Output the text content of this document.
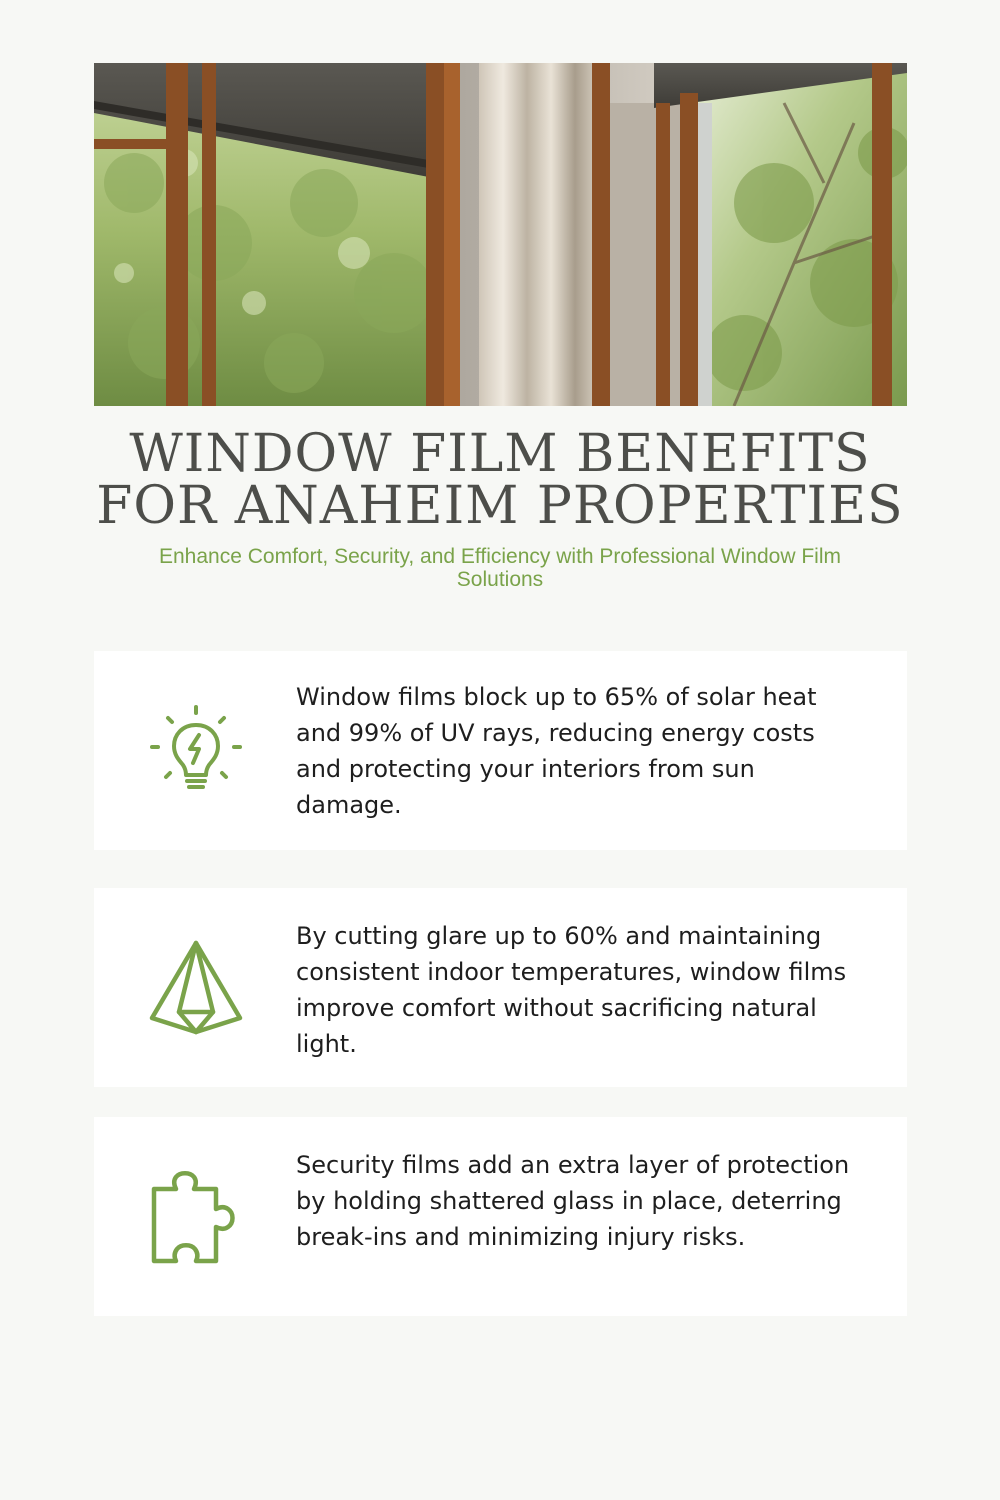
WINDOW FILM BENEFITS
FOR ANAHEIM PROPERTIES

Enhance Comfort, Security, and Efficiency with Professional Window Film Solutions

Window films block up to 65% of solar heat and 99% of UV rays, reducing energy costs and protecting your interiors from sun damage.

By cutting glare up to 60% and maintaining consistent indoor temperatures, window films improve comfort without sacrificing natural light.

Security films add an extra layer of protection by holding shattered glass in place, deterring break-ins and minimizing injury risks.
